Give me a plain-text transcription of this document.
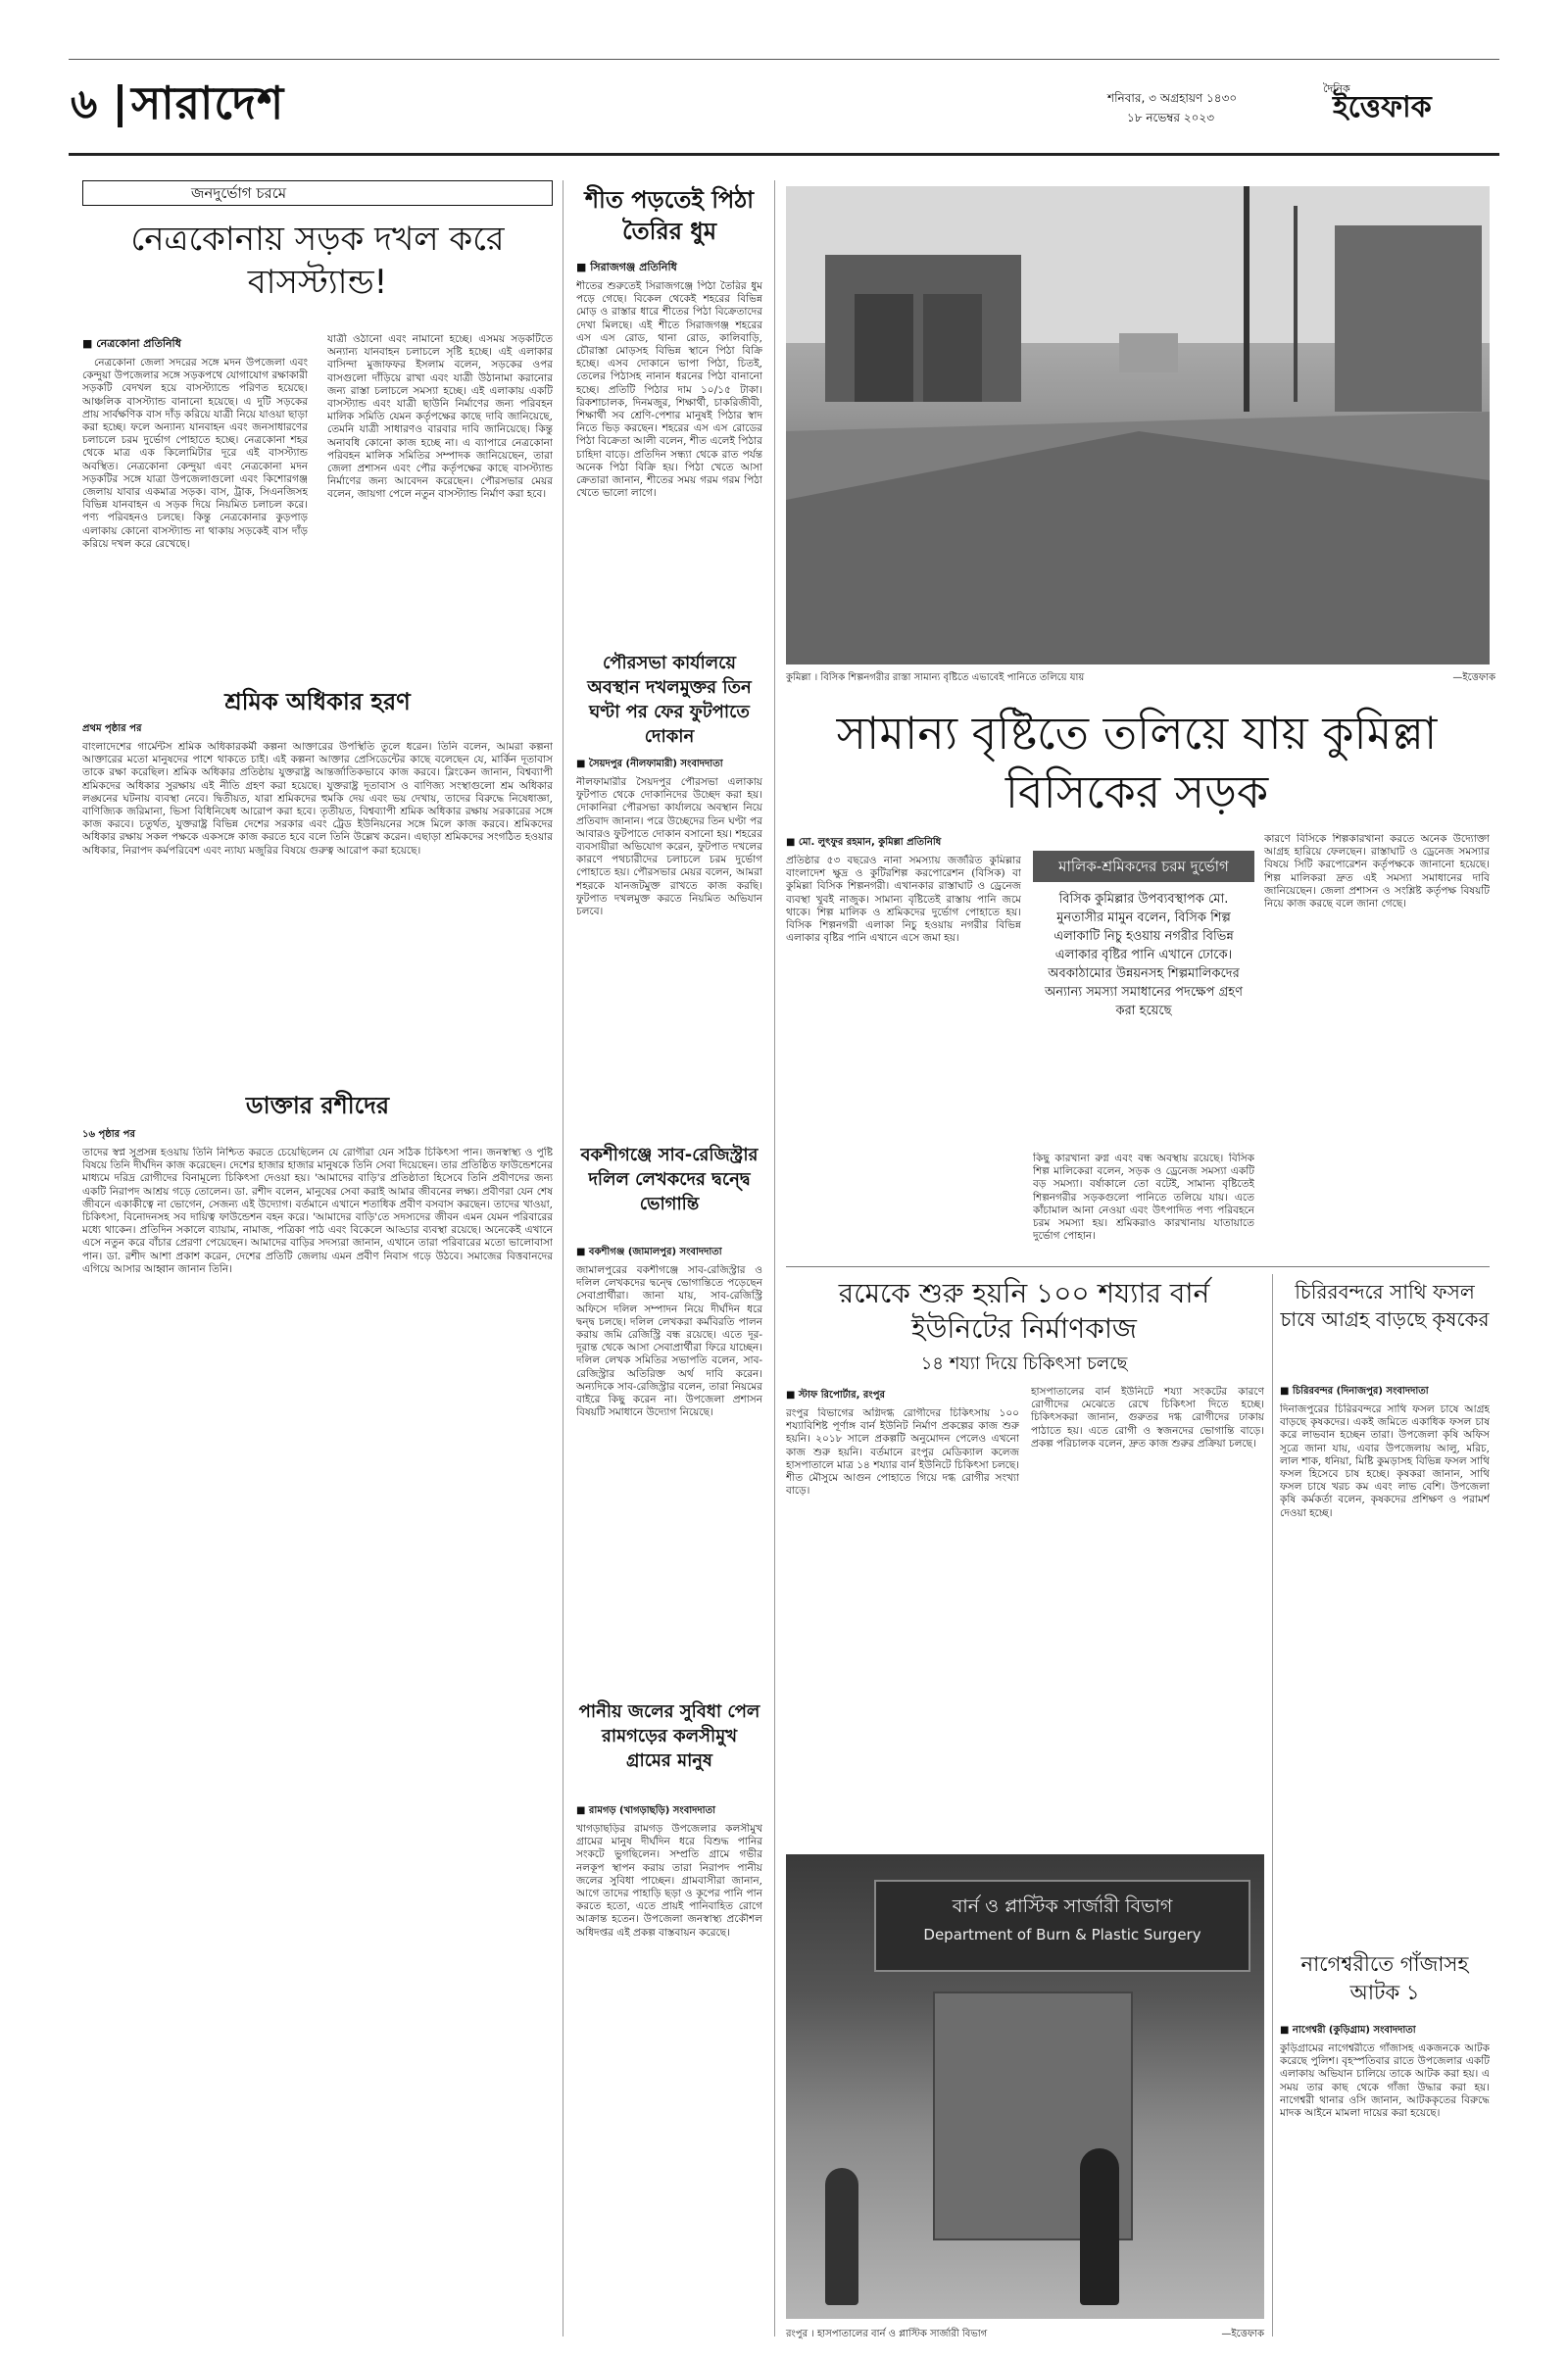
৬ সারাদেশ	শনিবার, ৩ অগ্রহায়ণ ১৪৩০
১৮ নভেম্বর ২০২৩
দৈনিক
ইত্তেফাক
জনদুর্ভোগ চরমে
নেত্রকোনায় সড়ক দখল করে বাসস্ট্যান্ড!
■ নেত্রকোনা প্রতিনিধি
নেত্রকোনা জেলা সদরের সঙ্গে মদন উপজেলা এবং কেন্দুয়া উপজেলার সঙ্গে সড়কপথে যোগাযোগ রক্ষাকারী সড়কটি বেদখল হয়ে বাসস্ট্যান্ডে পরিণত হয়েছে। আঞ্চলিক বাসস্ট্যান্ড বানানো হয়েছে। এ দুটি সড়কের প্রায় সার্বক্ষণিক বাস দাঁড় করিয়ে যাত্রী নিয়ে যাওয়া ছাড়া করা হচ্ছে। ফলে অন্যান্য যানবাহন এবং জনসাধারণের চলাচলে চরম দুর্ভোগ পোহাতে হচ্ছে। নেত্রকোনা শহর থেকে মাত্র এক কিলোমিটার দূরে এই বাসস্ট্যান্ড অবস্থিত। নেত্রকোনা কেন্দুয়া এবং নেত্রকোনা মদন সড়কটির সঙ্গে যাত্রা উপজেলাগুলো এবং কিশোরগঞ্জ জেলায় যাবার একমাত্র সড়ক। বাস, ট্রাক, সিএনজিসহ বিভিন্ন যানবাহন এ সড়ক দিয়ে নিয়মিত চলাচল করে। পণ্য পরিবহনও চলছে। কিন্তু নেত্রকোনার কুড়পাড় এলাকায় কোনো বাসস্ট্যান্ড না থাকায় সড়কেই বাস দাঁড় করিয়ে দখল করে রেখেছে।
যাত্রী ওঠানো এবং নামানো হচ্ছে। এসময় সড়কটিতে অন্যান্য যানবাহন চলাচলে সৃষ্টি হচ্ছে। এই এলাকার বাসিন্দা মুজাফফর ইসলাম বলেন, সড়কের ওপর বাসগুলো দাঁড়িয়ে রাখা এবং যাত্রী উঠানামা করানোর জন্য রাস্তা চলাচলে সমস্যা হচ্ছে। এই এলাকায় একটি বাসস্ট্যান্ড এবং যাত্রী ছাউনি নির্মাণের জন্য পরিবহন মালিক সমিতি যেমন কর্তৃপক্ষের কাছে দাবি জানিয়েছে, তেমনি যাত্রী সাধারণও বারবার দাবি জানিয়েছে। কিন্তু অনাবধি কোনো কাজ হচ্ছে না। এ ব্যাপারে নেত্রকোনা পরিবহন মালিক সমিতির সম্পাদক জানিয়েছেন, তারা জেলা প্রশাসন এবং পৌর কর্তৃপক্ষের কাছে বাসস্ট্যান্ড নির্মাণের জন্য আবেদন করেছেন। পৌরসভার মেয়র বলেন, জায়গা পেলে নতুন বাসস্ট্যান্ড নির্মাণ করা হবে।
শ্রমিক অধিকার হরণ
প্রথম পৃষ্ঠার পর
বাংলাদেশের গার্মেন্টস শ্রমিক অধিকারকর্মী কল্পনা আক্তারের উপস্থিতি তুলে ধরেন। তিনি বলেন, আমরা কল্পনা আক্তারের মতো মানুষদের পাশে থাকতে চাই। এই কল্পনা আক্তার প্রেসিডেন্টের কাছে বলেছেন যে, মার্কিন দূতাবাস তাকে রক্ষা করেছিল। শ্রমিক অধিকার প্রতিষ্ঠায় যুক্তরাষ্ট্র আন্তর্জাতিকভাবে কাজ করবে। ব্লিংকেন জানান, বিশ্বব্যাপী শ্রমিকদের অধিকার সুরক্ষায় এই নীতি গ্রহণ করা হয়েছে। যুক্তরাষ্ট্র দূতাবাস ও বাণিজ্য সংস্থাগুলো শ্রম অধিকার লঙ্ঘনের ঘটনায় ব্যবস্থা নেবে। দ্বিতীয়ত, যারা শ্রমিকদের হুমকি দেয় এবং ভয় দেখায়, তাদের বিরুদ্ধে নিষেধাজ্ঞা, বাণিজ্যিক জরিমানা, ভিসা বিধিনিষেধ আরোপ করা হবে। তৃতীয়ত, বিশ্বব্যাপী শ্রমিক অধিকার রক্ষায় সরকারের সঙ্গে কাজ করবে। চতুর্থত, যুক্তরাষ্ট্র বিভিন্ন দেশের সরকার এবং ট্রেড ইউনিয়নের সঙ্গে মিলে কাজ করবে। শ্রমিকদের অধিকার রক্ষায় সকল পক্ষকে একসঙ্গে কাজ করতে হবে বলে তিনি উল্লেখ করেন। এছাড়া শ্রমিকদের সংগঠিত হওয়ার অধিকার, নিরাপদ কর্মপরিবেশ এবং ন্যায্য মজুরির বিষয়ে গুরুত্ব আরোপ করা হয়েছে।
ডাক্তার রশীদের
১৬ পৃষ্ঠার পর
তাদের স্বপ্ন সুপ্রসন্ন হওয়ায় তিনি নিশ্চিত করতে চেয়েছিলেন যে রোগীরা যেন সঠিক চিকিৎসা পান। জনস্বাস্থ্য ও পুষ্টি বিষয়ে তিনি দীর্ঘদিন কাজ করেছেন। দেশের হাজার হাজার মানুষকে তিনি সেবা দিয়েছেন। তার প্রতিষ্ঠিত ফাউন্ডেশনের মাধ্যমে দরিদ্র রোগীদের বিনামূল্যে চিকিৎসা দেওয়া হয়। 'আমাদের বাড়ি'র প্রতিষ্ঠাতা হিসেবে তিনি প্রবীণদের জন্য একটি নিরাপদ আশ্রয় গড়ে তোলেন। ডা. রশীদ বলেন, মানুষের সেবা করাই আমার জীবনের লক্ষ্য। প্রবীণরা যেন শেষ জীবনে একাকীত্বে না ভোগেন, সেজন্য এই উদ্যোগ। বর্তমানে এখানে শতাধিক প্রবীণ বসবাস করছেন। তাদের খাওয়া, চিকিৎসা, বিনোদনসহ সব দায়িত্ব ফাউন্ডেশন বহন করে। 'আমাদের বাড়ি'তে সদস্যদের জীবন এমন যেমন পরিবারের মধ্যে থাকেন। প্রতিদিন সকালে ব্যায়াম, নামাজ, পত্রিকা পাঠ এবং বিকেলে আড্ডার ব্যবস্থা রয়েছে। অনেকেই এখানে এসে নতুন করে বাঁচার প্রেরণা পেয়েছেন। আমাদের বাড়ির সদস্যরা জানান, এখানে তারা পরিবারের মতো ভালোবাসা পান। ডা. রশীদ আশা প্রকাশ করেন, দেশের প্রতিটি জেলায় এমন প্রবীণ নিবাস গড়ে উঠবে। সমাজের বিত্তবানদের এগিয়ে আসার আহ্বান জানান তিনি।
শীত পড়তেই পিঠা তৈরির ধুম
■ সিরাজগঞ্জ প্রতিনিধি
শীতের শুরুতেই সিরাজগঞ্জে পিঠা তৈরির ধুম পড়ে গেছে। বিকেল থেকেই শহরের বিভিন্ন মোড় ও রাস্তার ধারে শীতের পিঠা বিক্রেতাদের দেখা মিলছে। এই শীতে সিরাজগঞ্জ শহরের এস এস রোড, থানা রোড, কালিবাড়ি, চৌরাস্তা মোড়সহ বিভিন্ন স্থানে পিঠা বিক্রি হচ্ছে। এসব দোকানে ভাপা পিঠা, চিতই, তেলের পিঠাসহ নানান ধরনের পিঠা বানানো হচ্ছে। প্রতিটি পিঠার দাম ১০/১৫ টাকা। রিকশাচালক, দিনমজুর, শিক্ষার্থী, চাকরিজীবী, শিক্ষার্থী সব শ্রেণি-পেশার মানুষই পিঠার স্বাদ নিতে ভিড় করছেন। শহরের এস এস রোডের পিঠা বিক্রেতা আলী বলেন, শীত এলেই পিঠার চাহিদা বাড়ে। প্রতিদিন সন্ধ্যা থেকে রাত পর্যন্ত অনেক পিঠা বিক্রি হয়। পিঠা খেতে আসা ক্রেতারা জানান, শীতের সময় গরম গরম পিঠা খেতে ভালো লাগে।
পৌরসভা কার্যালয়ে অবস্থান দখলমুক্তর তিন ঘণ্টা পর ফের ফুটপাতে দোকান
■ সৈয়দপুর (নীলফামারী) সংবাদদাতা
নীলফামারীর সৈয়দপুর পৌরসভা এলাকায় ফুটপাত থেকে দোকানিদের উচ্ছেদ করা হয়। দোকানিরা পৌরসভা কার্যালয়ে অবস্থান নিয়ে প্রতিবাদ জানান। পরে উচ্ছেদের তিন ঘণ্টা পর আবারও ফুটপাতে দোকান বসানো হয়। শহরের ব্যবসায়ীরা অভিযোগ করেন, ফুটপাত দখলের কারণে পথচারীদের চলাচলে চরম দুর্ভোগ পোহাতে হয়। পৌরসভার মেয়র বলেন, আমরা শহরকে যানজটমুক্ত রাখতে কাজ করছি। ফুটপাত দখলমুক্ত করতে নিয়মিত অভিযান চলবে।
বকশীগঞ্জে সাব-রেজিস্ট্রার দলিল লেখকদের দ্বন্দ্বে ভোগান্তি
■ বকশীগঞ্জ (জামালপুর) সংবাদদাতা
জামালপুরের বকশীগঞ্জে সাব-রেজিস্ট্রার ও দলিল লেখকদের দ্বন্দ্বে ভোগান্তিতে পড়েছেন সেবাপ্রার্থীরা। জানা যায়, সাব-রেজিস্ট্রি অফিসে দলিল সম্পাদন নিয়ে দীর্ঘদিন ধরে দ্বন্দ্ব চলছে। দলিল লেখকরা কর্মবিরতি পালন করায় জমি রেজিস্ট্রি বন্ধ রয়েছে। এতে দূর-দূরান্ত থেকে আসা সেবাপ্রার্থীরা ফিরে যাচ্ছেন। দলিল লেখক সমিতির সভাপতি বলেন, সাব-রেজিস্ট্রার অতিরিক্ত অর্থ দাবি করেন। অন্যদিকে সাব-রেজিস্ট্রার বলেন, তারা নিয়মের বাইরে কিছু করেন না। উপজেলা প্রশাসন বিষয়টি সমাধানে উদ্যোগ নিয়েছে।
পানীয় জলের সুবিধা পেল রামগড়ের কলসীমুখ গ্রামের মানুষ
■ রামগড় (খাগড়াছড়ি) সংবাদদাতা
খাগড়াছড়ির রামগড় উপজেলার কলসীমুখ গ্রামের মানুষ দীর্ঘদিন ধরে বিশুদ্ধ পানির সংকটে ভুগছিলেন। সম্প্রতি গ্রামে গভীর নলকূপ স্থাপন করায় তারা নিরাপদ পানীয় জলের সুবিধা পাচ্ছেন। গ্রামবাসীরা জানান, আগে তাদের পাহাড়ি ছড়া ও কূপের পানি পান করতে হতো, এতে প্রায়ই পানিবাহিত রোগে আক্রান্ত হতেন। উপজেলা জনস্বাস্থ্য প্রকৌশল অধিদপ্তর এই প্রকল্প বাস্তবায়ন করেছে।
কুমিল্লা । বিসিক শিল্পনগরীর রাস্তা সামান্য বৃষ্টিতে এভাবেই পানিতে তলিয়ে যায়	—ইত্তেফাক
সামান্য বৃষ্টিতে তলিয়ে যায় কুমিল্লা বিসিকের সড়ক
■ মো. লুৎফুর রহমান, কুমিল্লা প্রতিনিধি
প্রতিষ্ঠার ৫৩ বছরেও নানা সমস্যায় জর্জরিত কুমিল্লার বাংলাদেশ ক্ষুদ্র ও কুটিরশিল্প করপোরেশন (বিসিক) বা কুমিল্লা বিসিক শিল্পনগরী। এখানকার রাস্তাঘাট ও ড্রেনেজ ব্যবস্থা খুবই নাজুক। সামান্য বৃষ্টিতেই রাস্তায় পানি জমে থাকে। শিল্প মালিক ও শ্রমিকদের দুর্ভোগ পোহাতে হয়। বিসিক শিল্পনগরী এলাকা নিচু হওয়ায় নগরীর বিভিন্ন এলাকার বৃষ্টির পানি এখানে এসে জমা হয়।
মালিক-শ্রমিকদের চরম দুর্ভোগ
বিসিক কুমিল্লার উপব্যবস্থাপক মো. মুনতাসীর মামুন বলেন, বিসিক শিল্প এলাকাটি নিচু হওয়ায় নগরীর বিভিন্ন এলাকার বৃষ্টির পানি এখানে ঢোকে। অবকাঠামোর উন্নয়নসহ শিল্পমালিকদের অন্যান্য সমস্যা সমাধানের পদক্ষেপ গ্রহণ করা হয়েছে
কিছু কারখানা রুগ্ন এবং বন্ধ অবস্থায় রয়েছে। বিসিক শিল্প মালিকেরা বলেন, সড়ক ও ড্রেনেজ সমস্যা একটি বড় সমস্যা। বর্ষাকালে তো বটেই, সামান্য বৃষ্টিতেই শিল্পনগরীর সড়কগুলো পানিতে তলিয়ে যায়। এতে কাঁচামাল আনা নেওয়া এবং উৎপাদিত পণ্য পরিবহনে চরম সমস্যা হয়। শ্রমিকরাও কারখানায় যাতায়াতে দুর্ভোগ পোহান।
কারণে বিসিকে শিল্পকারখানা করতে অনেক উদ্যোক্তা আগ্রহ হারিয়ে ফেলছেন। রাস্তাঘাট ও ড্রেনেজ সমস্যার বিষয়ে সিটি করপোরেশন কর্তৃপক্ষকে জানানো হয়েছে। শিল্প মালিকরা দ্রুত এই সমস্যা সমাধানের দাবি জানিয়েছেন। জেলা প্রশাসন ও সংশ্লিষ্ট কর্তৃপক্ষ বিষয়টি নিয়ে কাজ করছে বলে জানা গেছে।
রমেকে শুরু হয়নি ১০০ শয্যার বার্ন ইউনিটের নির্মাণকাজ
১৪ শয্যা দিয়ে চিকিৎসা চলছে
■ স্টাফ রিপোর্টার, রংপুর
রংপুর বিভাগের অগ্নিদগ্ধ রোগীদের চিকিৎসায় ১০০ শয্যাবিশিষ্ট পূর্ণাঙ্গ বার্ন ইউনিট নির্মাণ প্রকল্পের কাজ শুরু হয়নি। ২০১৮ সালে প্রকল্পটি অনুমোদন পেলেও এখনো কাজ শুরু হয়নি। বর্তমানে রংপুর মেডিক্যাল কলেজ হাসপাতালে মাত্র ১৪ শয্যার বার্ন ইউনিটে চিকিৎসা চলছে। শীত মৌসুমে আগুন পোহাতে গিয়ে দগ্ধ রোগীর সংখ্যা বাড়ে।
হাসপাতালের বার্ন ইউনিটে শয্যা সংকটের কারণে রোগীদের মেঝেতে রেখে চিকিৎসা দিতে হচ্ছে। চিকিৎসকরা জানান, গুরুতর দগ্ধ রোগীদের ঢাকায় পাঠাতে হয়। এতে রোগী ও স্বজনদের ভোগান্তি বাড়ে। প্রকল্প পরিচালক বলেন, দ্রুত কাজ শুরুর প্রক্রিয়া চলছে।
বার্ন ও প্লাস্টিক সার্জারী বিভাগ
Department of Burn & Plastic Surgery
রংপুর । হাসপাতালের বার্ন ও প্লাস্টিক সার্জারী বিভাগ	—ইত্তেফাক
চিরিরবন্দরে সাথি ফসল চাষে আগ্রহ বাড়ছে কৃষকের
■ চিরিরবন্দর (দিনাজপুর) সংবাদদাতা
দিনাজপুরের চিরিরবন্দরে সাথি ফসল চাষে আগ্রহ বাড়ছে কৃষকদের। একই জমিতে একাধিক ফসল চাষ করে লাভবান হচ্ছেন তারা। উপজেলা কৃষি অফিস সূত্রে জানা যায়, এবার উপজেলায় আলু, মরিচ, লাল শাক, ধনিয়া, মিষ্টি কুমড়াসহ বিভিন্ন ফসল সাথি ফসল হিসেবে চাষ হচ্ছে। কৃষকরা জানান, সাথি ফসল চাষে খরচ কম এবং লাভ বেশি। উপজেলা কৃষি কর্মকর্তা বলেন, কৃষকদের প্রশিক্ষণ ও পরামর্শ দেওয়া হচ্ছে।
নাগেশ্বরীতে গাঁজাসহ আটক ১
■ নাগেশ্বরী (কুড়িগ্রাম) সংবাদদাতা
কুড়িগ্রামের নাগেশ্বরীতে গাঁজাসহ একজনকে আটক করেছে পুলিশ। বৃহস্পতিবার রাতে উপজেলার একটি এলাকায় অভিযান চালিয়ে তাকে আটক করা হয়। এ সময় তার কাছ থেকে গাঁজা উদ্ধার করা হয়। নাগেশ্বরী থানার ওসি জানান, আটককৃতের বিরুদ্ধে মাদক আইনে মামলা দায়ের করা হয়েছে।
